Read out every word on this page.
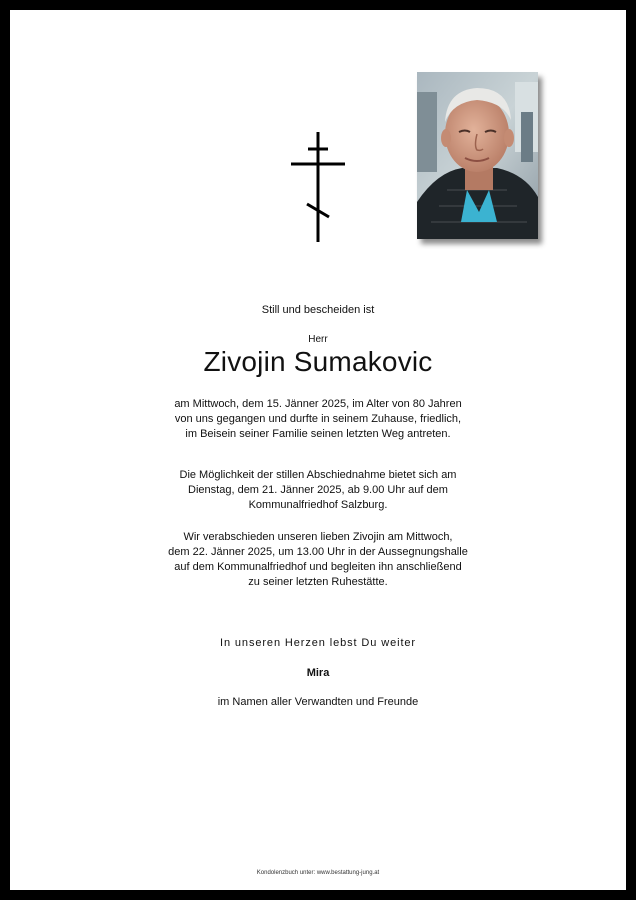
Still und bescheiden ist
Herr
Zivojin Sumakovic
am Mittwoch, dem 15. Jänner 2025, im Alter von 80 Jahren
von uns gegangen und durfte in seinem Zuhause, friedlich,
im Beisein seiner Familie seinen letzten Weg antreten.
Die Möglichkeit der stillen Abschiednahme bietet sich am
Dienstag, dem 21. Jänner 2025, ab 9.00 Uhr auf dem
Kommunalfriedhof Salzburg.
Wir verabschieden unseren lieben Zivojin am Mittwoch,
dem 22. Jänner 2025, um 13.00 Uhr in der Aussegnungshalle
auf dem Kommunalfriedhof und begleiten ihn anschließend
zu seiner letzten Ruhestätte.
In unseren Herzen lebst Du weiter
Mira
im Namen aller Verwandten und Freunde
Kondolenzbuch unter: www.bestattung-jung.at
